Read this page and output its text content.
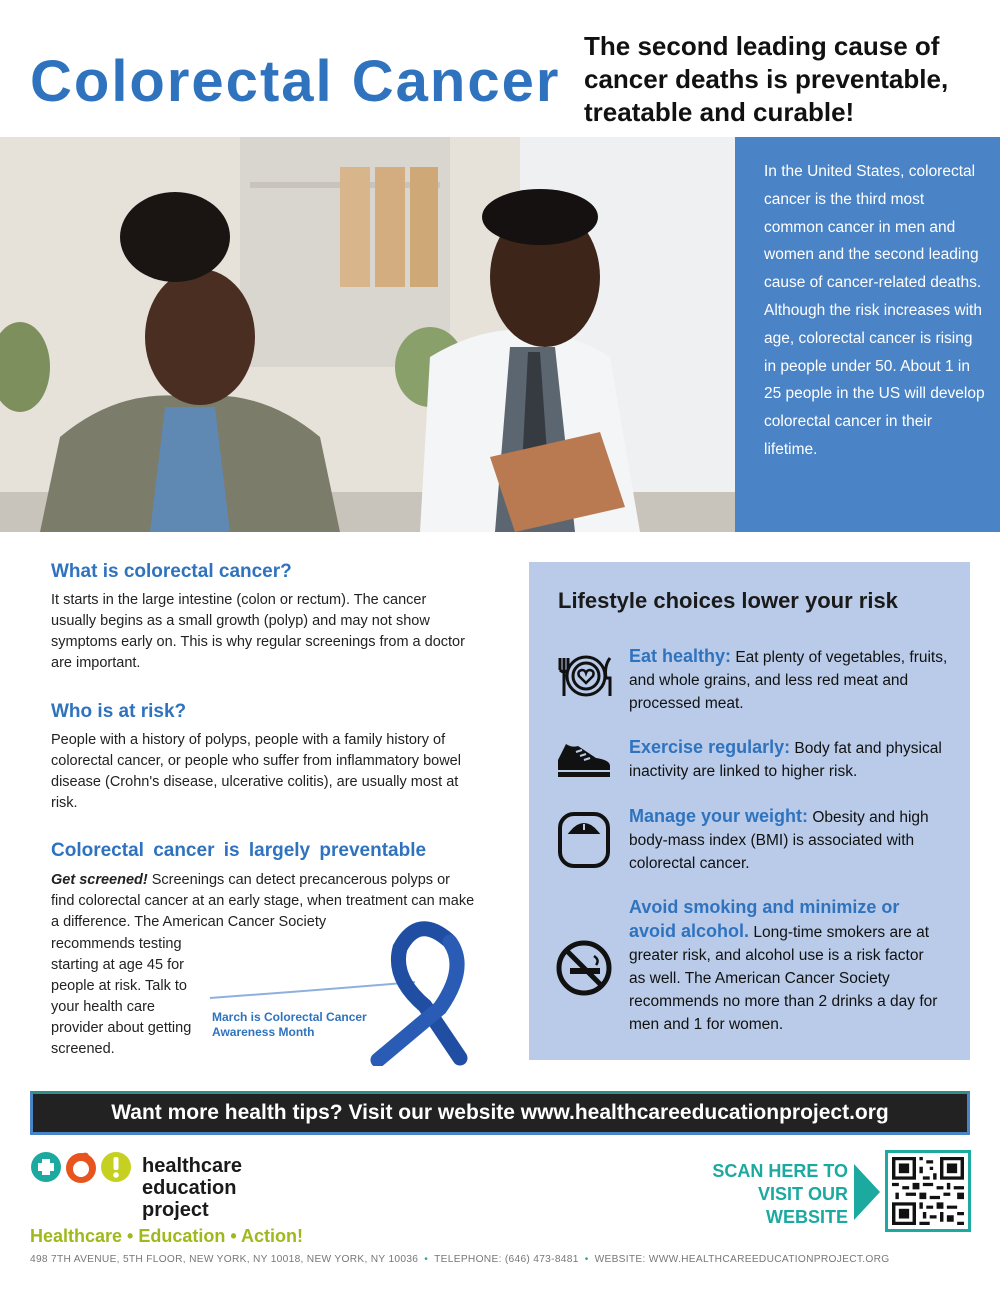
Colorectal Cancer
The second leading cause of cancer deaths is preventable, treatable and curable!
In the United States, colorectal cancer is the third most common cancer in men and women and the second leading cause of cancer-related deaths. Although the risk increases with age, colorectal cancer is rising in people under 50. About 1 in 25 people in the US will develop colorectal cancer in their lifetime.
What is colorectal cancer?
It starts in the large intestine (colon or rectum). The cancer usually begins as a small growth (polyp) and may not show symptoms early on. This is why regular screenings from a doctor are important.
Who is at risk?
People with a history of polyps, people with a family history of colorectal cancer, or people who suffer from inflammatory bowel disease (Crohn's disease, ulcerative colitis), are usually most at risk.
Colorectal cancer is largely preventable
Get screened! Screenings can detect precancerous polyps or find colorectal cancer at an early stage, when treatment can make a difference. The American Cancer Society
recommends testing starting at age 45 for people at risk. Talk to your health care provider about getting screened.
March is Colorectal Cancer Awareness Month
Lifestyle choices lower your risk
Eat healthy: Eat plenty of vegetables, fruits, and whole grains, and less red meat and processed meat.
Exercise regularly: Body fat and physical inactivity are linked to higher risk.
Manage your weight: Obesity and high body-mass index (BMI) is associated with colorectal cancer.
Avoid smoking and minimize or avoid alcohol. Long-time smokers are at greater risk, and alcohol use is a risk factor as well. The American Cancer Society recommends no more than 2 drinks a day for men and 1 for women.
Want more health tips? Visit our website www.healthcareeducationproject.org
healthcare
education
project
Healthcare • Education • Action!
SCAN HERE TO VISIT OUR WEBSITE
498 7TH AVENUE, 5TH FLOOR, NEW YORK, NY 10018, NEW YORK, NY 10036 • TELEPHONE: (646) 473-8481 • WEBSITE: WWW.HEALTHCAREEDUCATIONPROJECT.ORG
